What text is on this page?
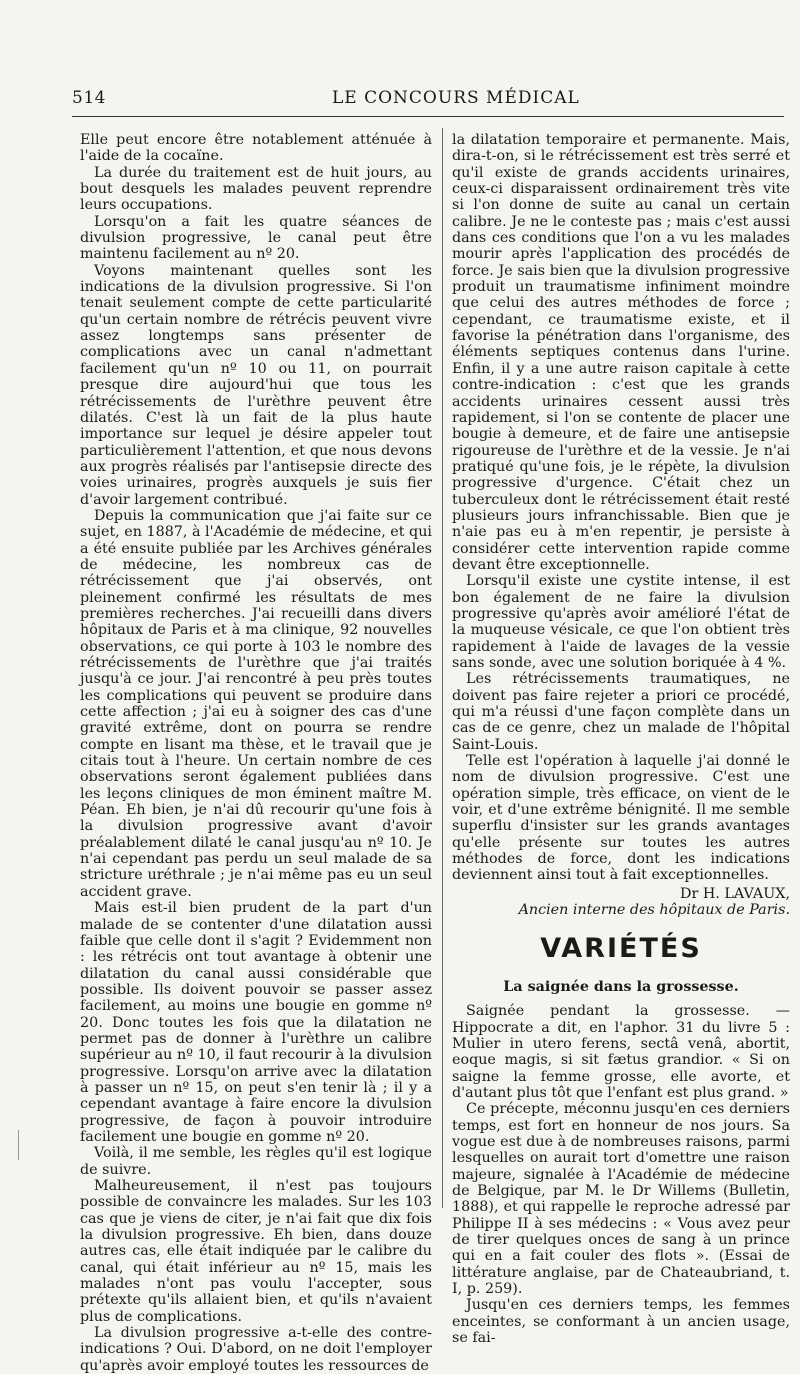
514	LE CONCOURS MÉDICAL

Elle peut encore être notablement atténuée à l'aide de la cocaïne.

La durée du traitement est de huit jours, au bout desquels les malades peuvent reprendre leurs occupations.

Lorsqu'on a fait les quatre séances de divulsion progressive, le canal peut être maintenu facilement au nº 20.

Voyons maintenant quelles sont les indications de la divulsion progressive. Si l'on tenait seulement compte de cette particularité qu'un certain nombre de rétrécis peuvent vivre assez longtemps sans présenter de complications avec un canal n'admettant facilement qu'un nº 10 ou 11, on pourrait presque dire aujourd'hui que tous les rétrécissements de l'urèthre peuvent être dilatés. C'est là un fait de la plus haute importance sur lequel je désire appeler tout particulièrement l'attention, et que nous devons aux progrès réalisés par l'antisepsie directe des voies urinaires, progrès auxquels je suis fier d'avoir largement contribué.

Depuis la communication que j'ai faite sur ce sujet, en 1887, à l'Académie de médecine, et qui a été ensuite publiée par les Archives générales de médecine, les nombreux cas de rétrécissement que j'ai observés, ont pleinement confirmé les résultats de mes premières recherches. J'ai recueilli dans divers hôpitaux de Paris et à ma clinique, 92 nouvelles observations, ce qui porte à 103 le nombre des rétrécissements de l'urèthre que j'ai traités jusqu'à ce jour. J'ai rencontré à peu près toutes les complications qui peuvent se produire dans cette affection ; j'ai eu à soigner des cas d'une gravité extrême, dont on pourra se rendre compte en lisant ma thèse, et le travail que je citais tout à l'heure. Un certain nombre de ces observations seront également publiées dans les leçons cliniques de mon éminent maître M. Péan. Eh bien, je n'ai dû recourir qu'une fois à la divulsion progressive avant d'avoir préalablement dilaté le canal jusqu'au nº 10. Je n'ai cependant pas perdu un seul malade de sa stricture uréthrale ; je n'ai même pas eu un seul accident grave.

Mais est-il bien prudent de la part d'un malade de se contenter d'une dilatation aussi faible que celle dont il s'agit ? Evidemment non : les rétrécis ont tout avantage à obtenir une dilatation du canal aussi considérable que possible. Ils doivent pouvoir se passer assez facilement, au moins une bougie en gomme nº 20. Donc toutes les fois que la dilatation ne permet pas de donner à l'urèthre un calibre supérieur au nº 10, il faut recourir à la divulsion progressive. Lorsqu'on arrive avec la dilatation à passer un nº 15, on peut s'en tenir là ; il y a cependant avantage à faire encore la divulsion progressive, de façon à pouvoir introduire facilement une bougie en gomme nº 20.

Voilà, il me semble, les règles qu'il est logique de suivre.

Malheureusement, il n'est pas toujours possible de convaincre les malades. Sur les 103 cas que je viens de citer, je n'ai fait que dix fois la divulsion progressive. Eh bien, dans douze autres cas, elle était indiquée par le calibre du canal, qui était inférieur au nº 15, mais les malades n'ont pas voulu l'accepter, sous prétexte qu'ils allaient bien, et qu'ils n'avaient plus de complications.

La divulsion progressive a-t-elle des contre-indications ? Oui. D'abord, on ne doit l'employer qu'après avoir employé toutes les ressources de

la dilatation temporaire et permanente. Mais, dira-t-on, si le rétrécissement est très serré et qu'il existe de grands accidents urinaires, ceux-ci disparaissent ordinairement très vite si l'on donne de suite au canal un certain calibre. Je ne le conteste pas ; mais c'est aussi dans ces conditions que l'on a vu les malades mourir après l'application des procédés de force. Je sais bien que la divulsion progressive produit un traumatisme infiniment moindre que celui des autres méthodes de force ; cependant, ce traumatisme existe, et il favorise la pénétration dans l'organisme, des éléments septiques contenus dans l'urine. Enfin, il y a une autre raison capitale à cette contre-indication : c'est que les grands accidents urinaires cessent aussi très rapidement, si l'on se contente de placer une bougie à demeure, et de faire une antisepsie rigoureuse de l'urèthre et de la vessie. Je n'ai pratiqué qu'une fois, je le répète, la divulsion progressive d'urgence. C'était chez un tuberculeux dont le rétrécissement était resté plusieurs jours infranchissable. Bien que je n'aie pas eu à m'en repentir, je persiste à considérer cette intervention rapide comme devant être exceptionnelle.

Lorsqu'il existe une cystite intense, il est bon également de ne faire la divulsion progressive qu'après avoir amélioré l'état de la muqueuse vésicale, ce que l'on obtient très rapidement à l'aide de lavages de la vessie sans sonde, avec une solution boriquée à 4 %.

Les rétrécissements traumatiques, ne doivent pas faire rejeter a priori ce procédé, qui m'a réussi d'une façon complète dans un cas de ce genre, chez un malade de l'hôpital Saint-Louis.

Telle est l'opération à laquelle j'ai donné le nom de divulsion progressive. C'est une opération simple, très efficace, on vient de le voir, et d'une extrême bénignité. Il me semble superflu d'insister sur les grands avantages qu'elle présente sur toutes les autres méthodes de force, dont les indications deviennent ainsi tout à fait exceptionnelles.

Dr H. LAVAUX,

Ancien interne des hôpitaux de Paris.

VARIÉTÉS
La saignée dans la grossesse.

Saignée pendant la grossesse. — Hippocrate a dit, en l'aphor. 31 du livre 5 : Mulier in utero ferens, sectâ venâ, abortit, eoque magis, si sit fætus grandior. « Si on saigne la femme grosse, elle avorte, et d'autant plus tôt que l'enfant est plus grand. »

Ce précepte, méconnu jusqu'en ces derniers temps, est fort en honneur de nos jours. Sa vogue est due à de nombreuses raisons, parmi lesquelles on aurait tort d'omettre une raison majeure, signalée à l'Académie de médecine de Belgique, par M. le Dr Willems (Bulletin, 1888), et qui rappelle le reproche adressé par Philippe II à ses médecins : « Vous avez peur de tirer quelques onces de sang à un prince qui en a fait couler des flots ». (Essai de littérature anglaise, par de Chateaubriand, t. I, p. 259).

Jusqu'en ces derniers temps, les femmes enceintes, se conformant à un ancien usage, se fai-
